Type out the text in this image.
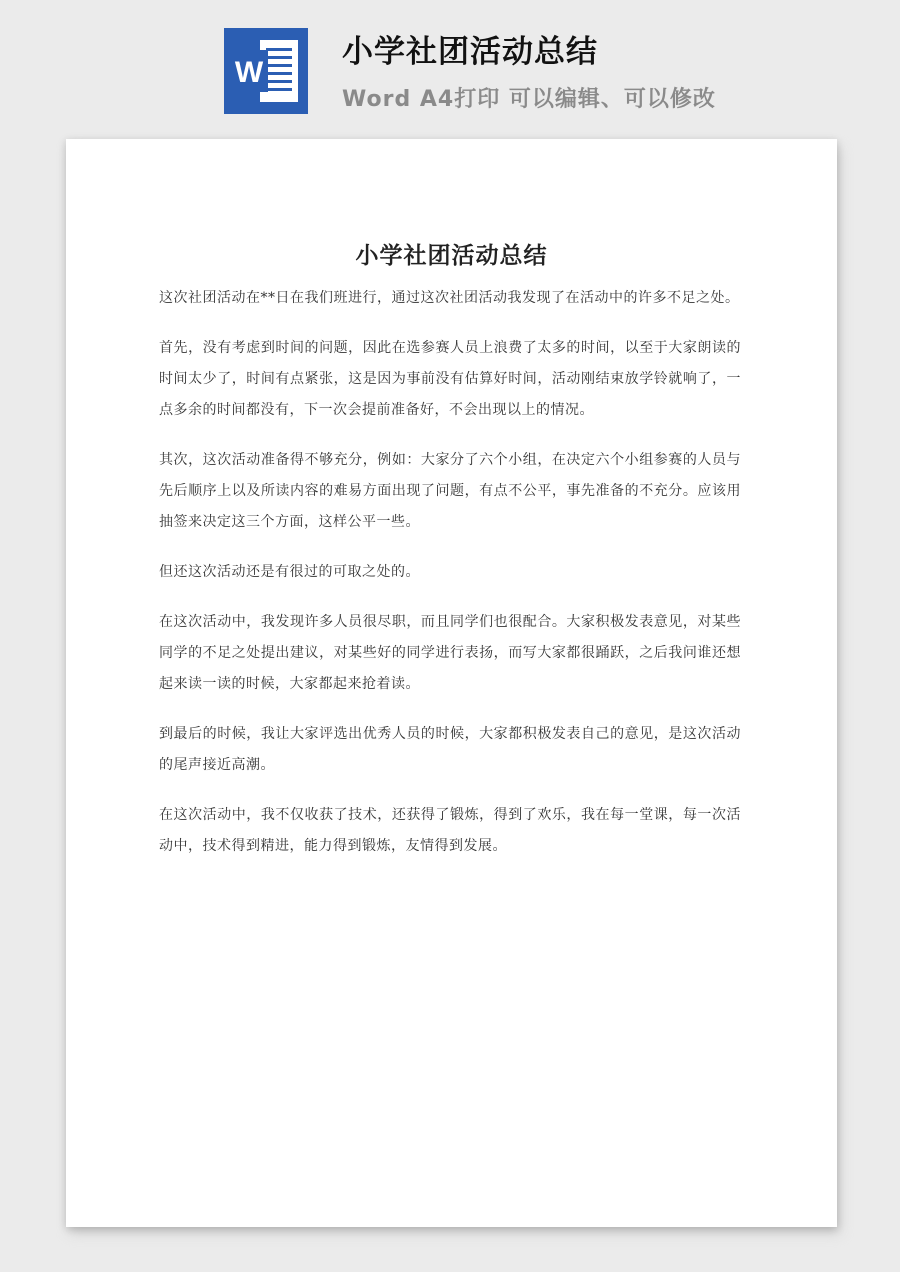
W
小学社团活动总结
Word A4打印 可以编辑、可以修改
小学社团活动总结

这次社团活动在**日在我们班进行，通过这次社团活动我发现了在活动中的许多不足之处。

首先，没有考虑到时间的问题，因此在选参赛人员上浪费了太多的时间，以至于大家朗读的时间太少了，时间有点紧张，这是因为事前没有估算好时间，活动刚结束放学铃就响了，一点多余的时间都没有，下一次会提前准备好，不会出现以上的情况。

其次，这次活动准备得不够充分，例如：大家分了六个小组，在决定六个小组参赛的人员与先后顺序上以及所读内容的难易方面出现了问题，有点不公平，事先准备的不充分。应该用抽签来决定这三个方面，这样公平一些。

但还这次活动还是有很过的可取之处的。

在这次活动中，我发现许多人员很尽职，而且同学们也很配合。大家积极发表意见，对某些同学的不足之处提出建议，对某些好的同学进行表扬，而写大家都很踊跃，之后我问谁还想起来读一读的时候，大家都起来抢着读。

到最后的时候，我让大家评选出优秀人员的时候，大家都积极发表自己的意见，是这次活动的尾声接近高潮。

在这次活动中，我不仅收获了技术，还获得了锻炼，得到了欢乐，我在每一堂课，每一次活动中，技术得到精进，能力得到锻炼，友情得到发展。
